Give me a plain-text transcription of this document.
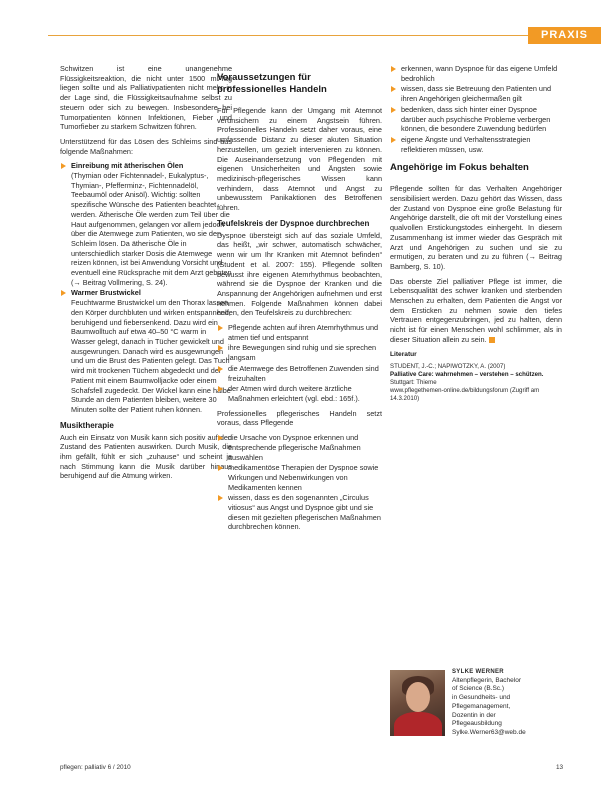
PRAXIS

Schwitzen ist eine unangenehme Flüssigkeitsreaktion, die nicht unter 1500 ml/Tag liegen sollte und als Palliativpatienten nicht mehr in der Lage sind, die Flüssigkeitsaufnahme selbst zu steuern oder sich zu bewegen. Insbesondere bei Tumorpatienten können Infektionen, Fieber und Tumorfieber zu starkem Schwitzen führen.

Unterstützend für das Lösen des Schleims sind aus folgende Maßnahmen:

Einreibung mit ätherischen Ölen
(Thymian oder Fichtennadel-, Eukalyptus-, Thymian-, Pfefferminz-, Fichtennadelöl, Teebaumöl oder Anisöl). Wichtig: sollten spezifische Wünsche des Patienten beachtet werden. Ätherische Öle werden zum Teil über die Haut aufgenommen, gelangen vor allem jedoch über die Atemwege zum Patienten, wo sie den Schleim lösen. Da ätherische Öle in unterschiedlich starker Dosis die Atemwege reizen können, ist bei Anwendung Vorsicht und eventuell eine Rücksprache mit dem Arzt geboten (→ Beitrag Vollmering, S. 24).
Warmer Brustwickel
Feuchtwarme Brustwickel um den Thorax lassen den Körper durchbluten und wirken entspannend, beruhigend und fiebersenkend. Dazu wird ein Baumwolltuch auf etwa 40–50 °C warm in Wasser gelegt, danach in Tücher gewickelt und ausgewrungen. Danach wird es ausgewrungen und um die Brust des Patienten gelegt. Das Tuch wird mit trockenen Tüchern abgedeckt und der Patient mit einem Baumwolljacke oder einem Schafsfell zugedeckt. Der Wickel kann eine halbe Stunde an dem Patienten bleiben, weitere 30 Minuten sollte der Patient ruhen können.
Musiktherapie

Auch ein Einsatz von Musik kann sich positiv auf den Zustand des Patienten auswirken. Durch Musik, die ihm gefällt, fühlt er sich „zuhause“ und scheint je nach Stimmung kann die Musik darüber hinaus beruhigend auf die Atmung wirken.

Voraussetzungen für professionelles Handeln

Für Pflegende kann der Umgang mit Atemnot verunsichern zu einem Angstsein führen. Professionelles Handeln setzt daher voraus, eine umfassende Distanz zu dieser akuten Situation herzustellen, um gezielt intervenieren zu können. Die Auseinandersetzung von Pflegenden mit eigenen Unsicherheiten und Ängsten sowie medizinisch-pflegerisches Wissen kann verhindern, dass Atemnot und Angst zu unbewusstem Panikaktionen des Betroffenen führen.

Teufelskreis der Dyspnoe durchbrechen

Dyspnoe übersteigt sich auf das soziale Umfeld, das heißt, „wir schwer, automatisch schwächer, wenn wir um Ihr Kranken mit Atemnot befinden“ (Student et al. 2007: 155). Pflegende sollten bewusst ihre eigenen Atemrhythmus beobachten, während sie die Dyspnoe der Kranken und die Anspannung der Angehörigen aufnehmen und erst nehmen. Folgende Maßnahmen können dabei helfen, den Teufelskreis zu durchbrechen:

Pflegende achten auf ihren Atemrhythmus und atmen tief und entspannt
ihre Bewegungen sind ruhig und sie sprechen langsam
die Atemwege des Betroffenen Zuwenden sind freizuhalten
der Atmen wird durch weitere ärztliche Maßnahmen erleichtert (vgl. ebd.: 165f.).

Professionelles pflegerisches Handeln setzt voraus, dass Pflegende

die Ursache von Dyspnoe erkennen und entsprechende pflegerische Maßnahmen auswählen
medikamentöse Therapien der Dyspnoe sowie Wirkungen und Nebenwirkungen von Medikamenten kennen
wissen, dass es den sogenannten „Circulus vitiosus“ aus Angst und Dyspnoe gibt und sie diesen mit gezielten pflegerischen Maßnahmen durchbrechen können.
erkennen, wann Dyspnoe für das eigene Umfeld bedrohlich
wissen, dass sie Betreuung den Patienten und ihren Angehörigen gleichermaßen gilt
bedenken, dass sich hinter einer Dyspnoe darüber auch psychische Probleme verbergen können, die besondere Zuwendung bedürfen
eigene Ängste und Verhaltensstrategien reflektieren müssen, usw.
Angehörige im Fokus behalten

Pflegende sollten für das Verhalten Angehöriger sensibilisiert werden. Dazu gehört das Wissen, dass der Zustand von Dyspnoe eine große Belastung für Angehörige darstellt, die oft mit der Vorstellung eines qualvollen Erstickungstodes einhergeht. In diesem Zusammenhang ist immer wieder das Gespräch mit Arzt und Angehörigen zu suchen und sie zu ermutigen, zu beraten und zu zu führen (→ Beitrag Bamberg, S. 10).

Das oberste Ziel palliativer Pflege ist immer, die Lebensqualität des schwer kranken und sterbenden Menschen zu erhalten, dem Patienten die Angst vor dem Ersticken zu nehmen sowie den tiefes Vertrauen entgegenzubringen, jed zu halten, denn nicht ist für einen Menschen wohl schlimmer, als in dieser Situation allein zu sein.

Literatur
STUDENT, J.-C.; NAPIWOTZKY, A. (2007)
Palliative Care: wahrnehmen – verstehen – schützen.
Stuttgart: Thieme
www.pflegethemen-online.de/bildungsforum (Zugriff am 14.3.2010)
SYLKE WERNER
Altenpflegerin, Bachelor
of Science (B.Sc.)
in Gesundheits- und
Pflegemanagement,
Dozentin in der
Pflegeausbildung
Sylke.Werner63@web.de
pflegen: palliativ 6 / 2010	13
